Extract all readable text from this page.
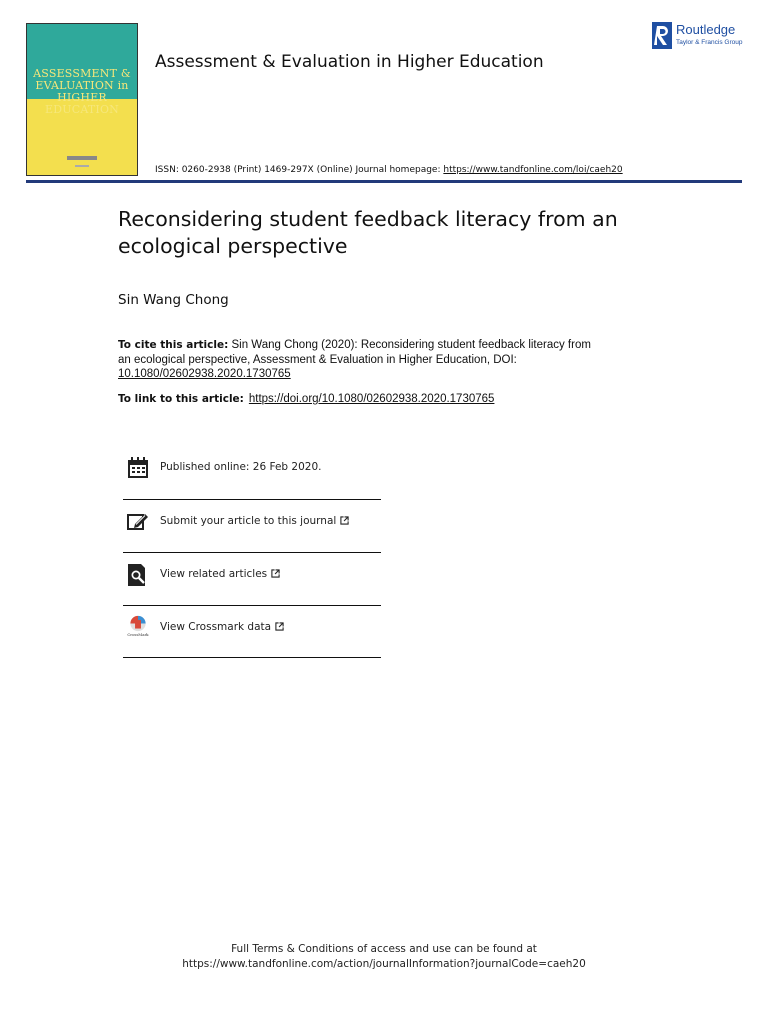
ASSESSMENT & EVALUATION in HIGHER EDUCATION
Assessment & Evaluation in Higher Education
Routledge
Taylor & Francis Group
ISSN: 0260-2938 (Print) 1469-297X (Online) Journal homepage: https://www.tandfonline.com/loi/caeh20
Reconsidering student feedback literacy from an ecological perspective
Sin Wang Chong
To cite this article: Sin Wang Chong (2020): Reconsidering student feedback literacy from an ecological perspective, Assessment & Evaluation in Higher Education, DOI: 10.1080/02602938.2020.1730765
To link to this article: https://doi.org/10.1080/02602938.2020.1730765
Published online: 26 Feb 2020.
Submit your article to this journal
View related articles
CrossMark
View Crossmark data
Full Terms & Conditions of access and use can be found at
https://www.tandfonline.com/action/journalInformation?journalCode=caeh20
